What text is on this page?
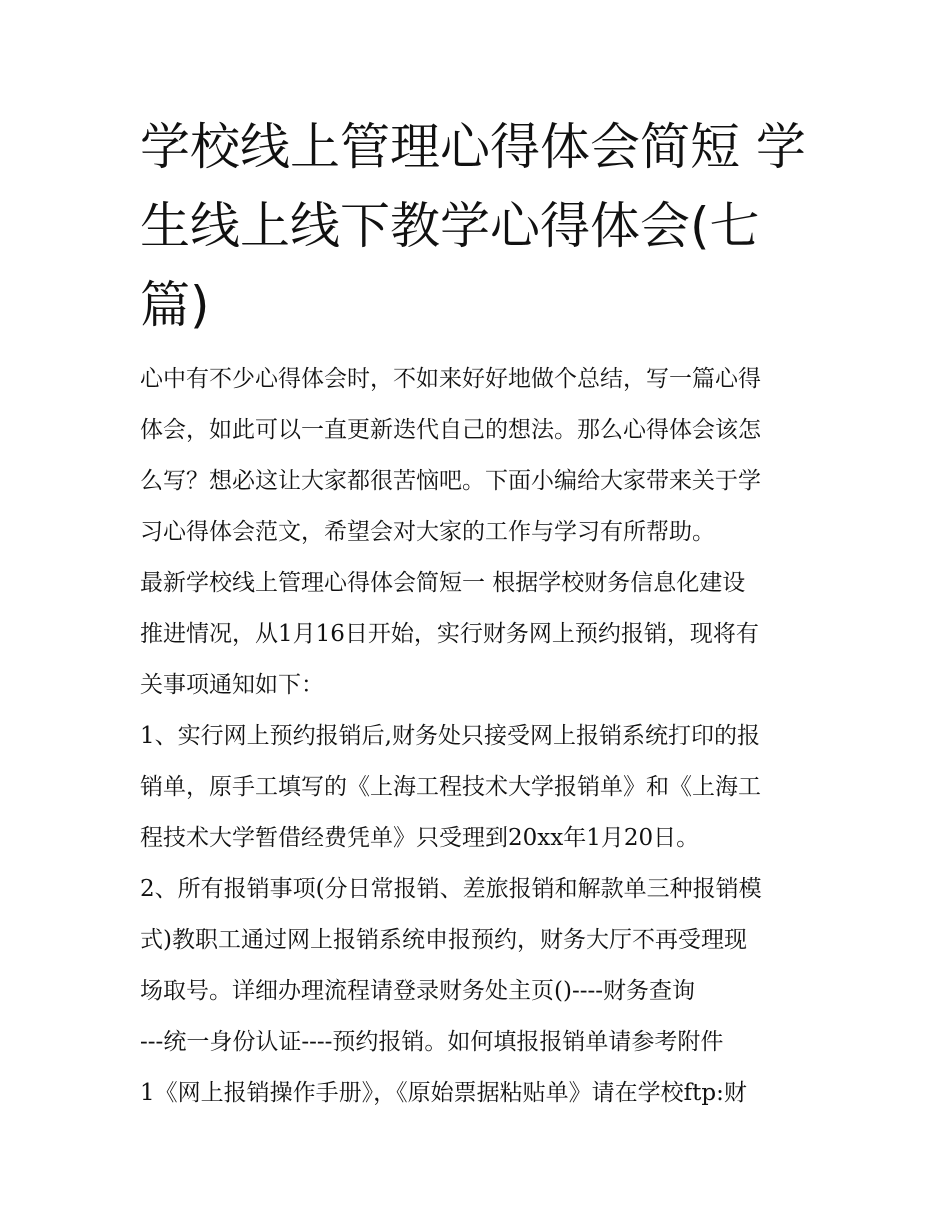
学校线上管理心得体会简短 学
生线上线下教学心得体会(七
篇)
心中有不少心得体会时，不如来好好地做个总结，写一篇心得
体会，如此可以一直更新迭代自己的想法。那么心得体会该怎
么写？想必这让大家都很苦恼吧。下面小编给大家带来关于学
习心得体会范文，希望会对大家的工作与学习有所帮助。
最新学校线上管理心得体会简短一 根据学校财务信息化建设
推进情况，从1月16日开始，实行财务网上预约报销，现将有
关事项通知如下：
1、实行网上预约报销后,财务处只接受网上报销系统打印的报
销单，原手工填写的《上海工程技术大学报销单》和《上海工
程技术大学暂借经费凭单》只受理到20xx年1月20日。
2、所有报销事项(分日常报销、差旅报销和解款单三种报销模
式)教职工通过网上报销系统申报预约，财务大厅不再受理现
场取号。详细办理流程请登录财务处主页()----财务查询
---统一身份认证----预约报销。如何填报报销单请参考附件
1《网上报销操作手册》，《原始票据粘贴单》请在学校ftp:财
